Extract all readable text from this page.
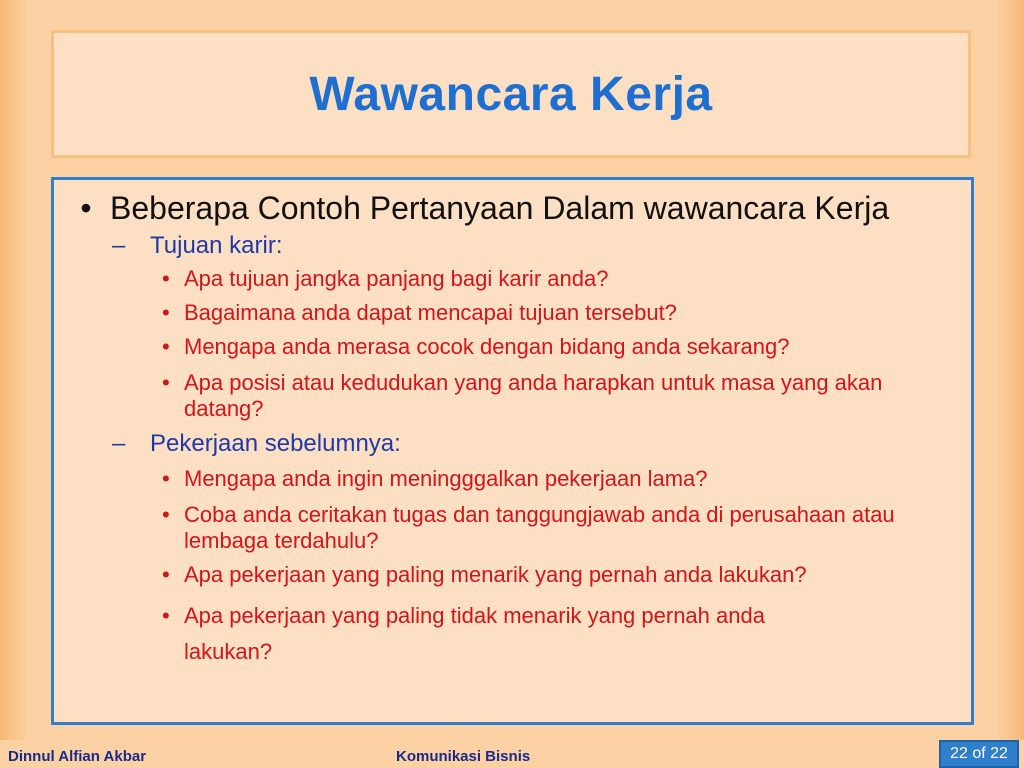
Wawancara Kerja
• Beberapa Contoh Pertanyaan Dalam wawancara Kerja
–	Tujuan karir:
• Apa tujuan jangka panjang bagi karir anda?
• Bagaimana anda dapat mencapai tujuan tersebut?
• Mengapa anda merasa cocok dengan bidang anda sekarang?
• Apa posisi atau kedudukan yang anda harapkan untuk masa yang akan datang?
–	Pekerjaan sebelumnya:
• Mengapa anda ingin meningggalkan pekerjaan lama?
• Coba anda ceritakan tugas dan tanggungjawab anda di perusahaan atau lembaga terdahulu?
• Apa pekerjaan yang paling menarik yang pernah anda lakukan?
• Apa pekerjaan yang paling tidak menarik yang pernah anda lakukan?
Dinnul Alfian Akbar	Komunikasi Bisnis	22 of 22
